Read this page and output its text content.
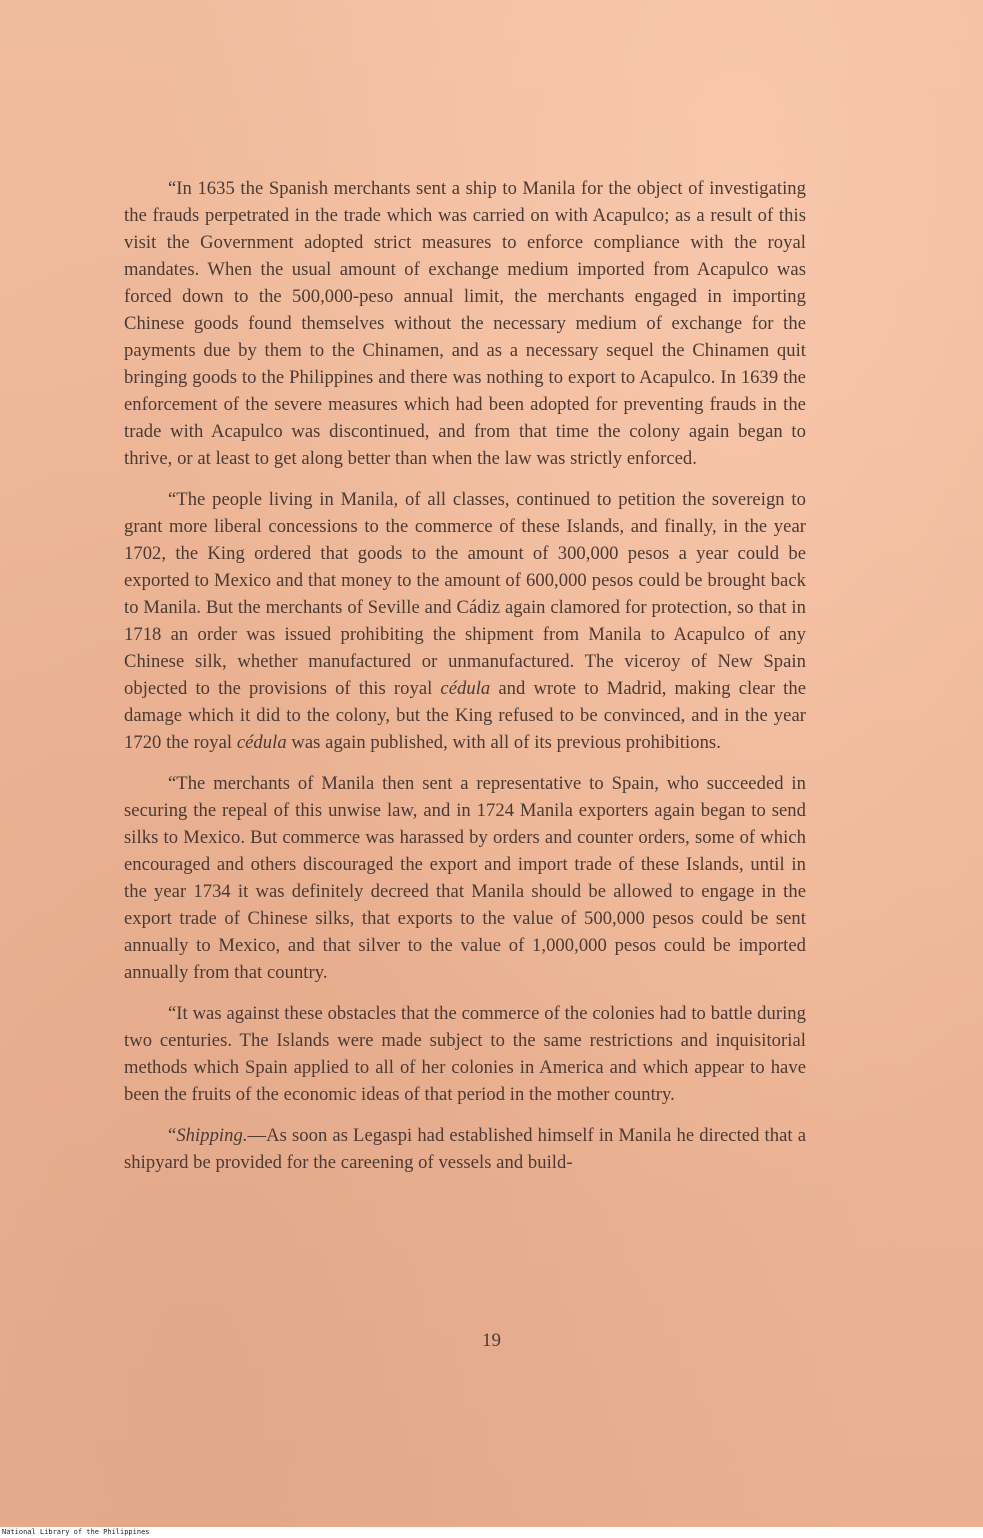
“In 1635 the Spanish merchants sent a ship to Manila for the object of investigating the frauds perpetrated in the trade which was carried on with Acapulco; as a result of this visit the Government adopted strict measures to enforce compliance with the royal mandates. When the usual amount of exchange medium imported from Acapulco was forced down to the 500,000-peso annual limit, the merchants engaged in importing Chinese goods found themselves without the necessary medium of exchange for the payments due by them to the Chinamen, and as a necessary sequel the Chinamen quit bringing goods to the Philippines and there was nothing to export to Acapulco. In 1639 the enforcement of the severe measures which had been adopted for preventing frauds in the trade with Acapulco was discontinued, and from that time the colony again began to thrive, or at least to get along better than when the law was strictly enforced.

“The people living in Manila, of all classes, continued to petition the sovereign to grant more liberal concessions to the commerce of these Islands, and finally, in the year 1702, the King ordered that goods to the amount of 300,000 pesos a year could be exported to Mexico and that money to the amount of 600,000 pesos could be brought back to Manila. But the merchants of Seville and Cádiz again clamored for protection, so that in 1718 an order was issued prohibiting the shipment from Manila to Acapulco of any Chinese silk, whether manufactured or unmanufactured. The viceroy of New Spain objected to the provisions of this royal cédula and wrote to Madrid, making clear the damage which it did to the colony, but the King refused to be convinced, and in the year 1720 the royal cédula was again published, with all of its previous prohibitions.

“The merchants of Manila then sent a representative to Spain, who succeeded in securing the repeal of this unwise law, and in 1724 Manila exporters again began to send silks to Mexico. But commerce was harassed by orders and counter orders, some of which encouraged and others discouraged the export and import trade of these Islands, until in the year 1734 it was definitely decreed that Manila should be allowed to engage in the export trade of Chinese silks, that exports to the value of 500,000 pesos could be sent annually to Mexico, and that silver to the value of 1,000,000 pesos could be imported annually from that country.

“It was against these obstacles that the commerce of the colonies had to battle during two centuries. The Islands were made subject to the same restrictions and inquisitorial methods which Spain applied to all of her colonies in America and which appear to have been the fruits of the economic ideas of that period in the mother country.

“Shipping.—As soon as Legaspi had established himself in Manila he directed that a shipyard be provided for the careening of vessels and build-

19
National Library of the Philippines
